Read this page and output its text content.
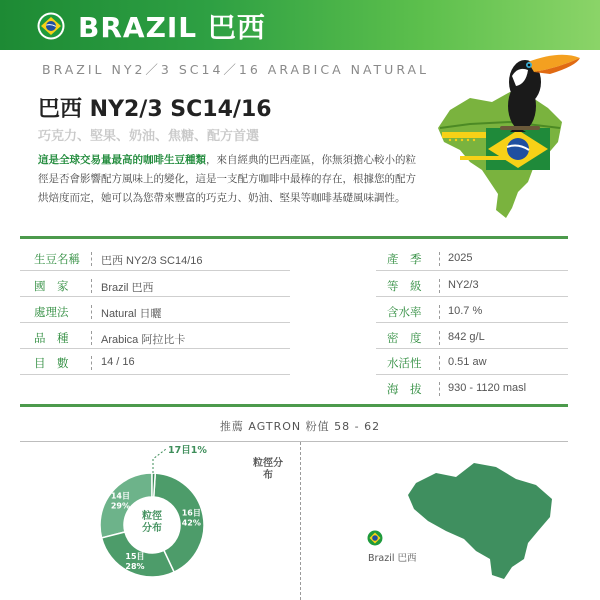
BRAZIL 巴西
BRAZIL NY2／3 SC14／16 ARABICA NATURAL
巴西 NY2/3 SC14/16
巧克力、堅果、奶油、焦糖、配方首選
這是全球交易量最高的咖啡生豆種類，來自經典的巴西產區，你無須擔心較小的粒徑是否會影響配方風味上的變化，這是一支配方咖啡中最棒的存在，根據您的配方烘焙度而定，她可以為您帶來豐富的巧克力、奶油、堅果等咖啡基礎風味調性。
生豆名稱 巴西 NY2/3 SC14/16
國　家	Brazil 巴西
處理法	Natural 日曬
品　種	Arabica 阿拉比卡
目　數	14 / 16
產　季 2025
等　級 NY2/3
含水率 10.7 %
密　度 842 g/L
水活性 0.51 aw
海　拔 930 - 1120 masl
推薦 AGTRON 粉值 58 - 62
粒徑
分布
16目 42%
15目 28%
14目 29%
17目1%
粒徑分布
Brazil 巴西
